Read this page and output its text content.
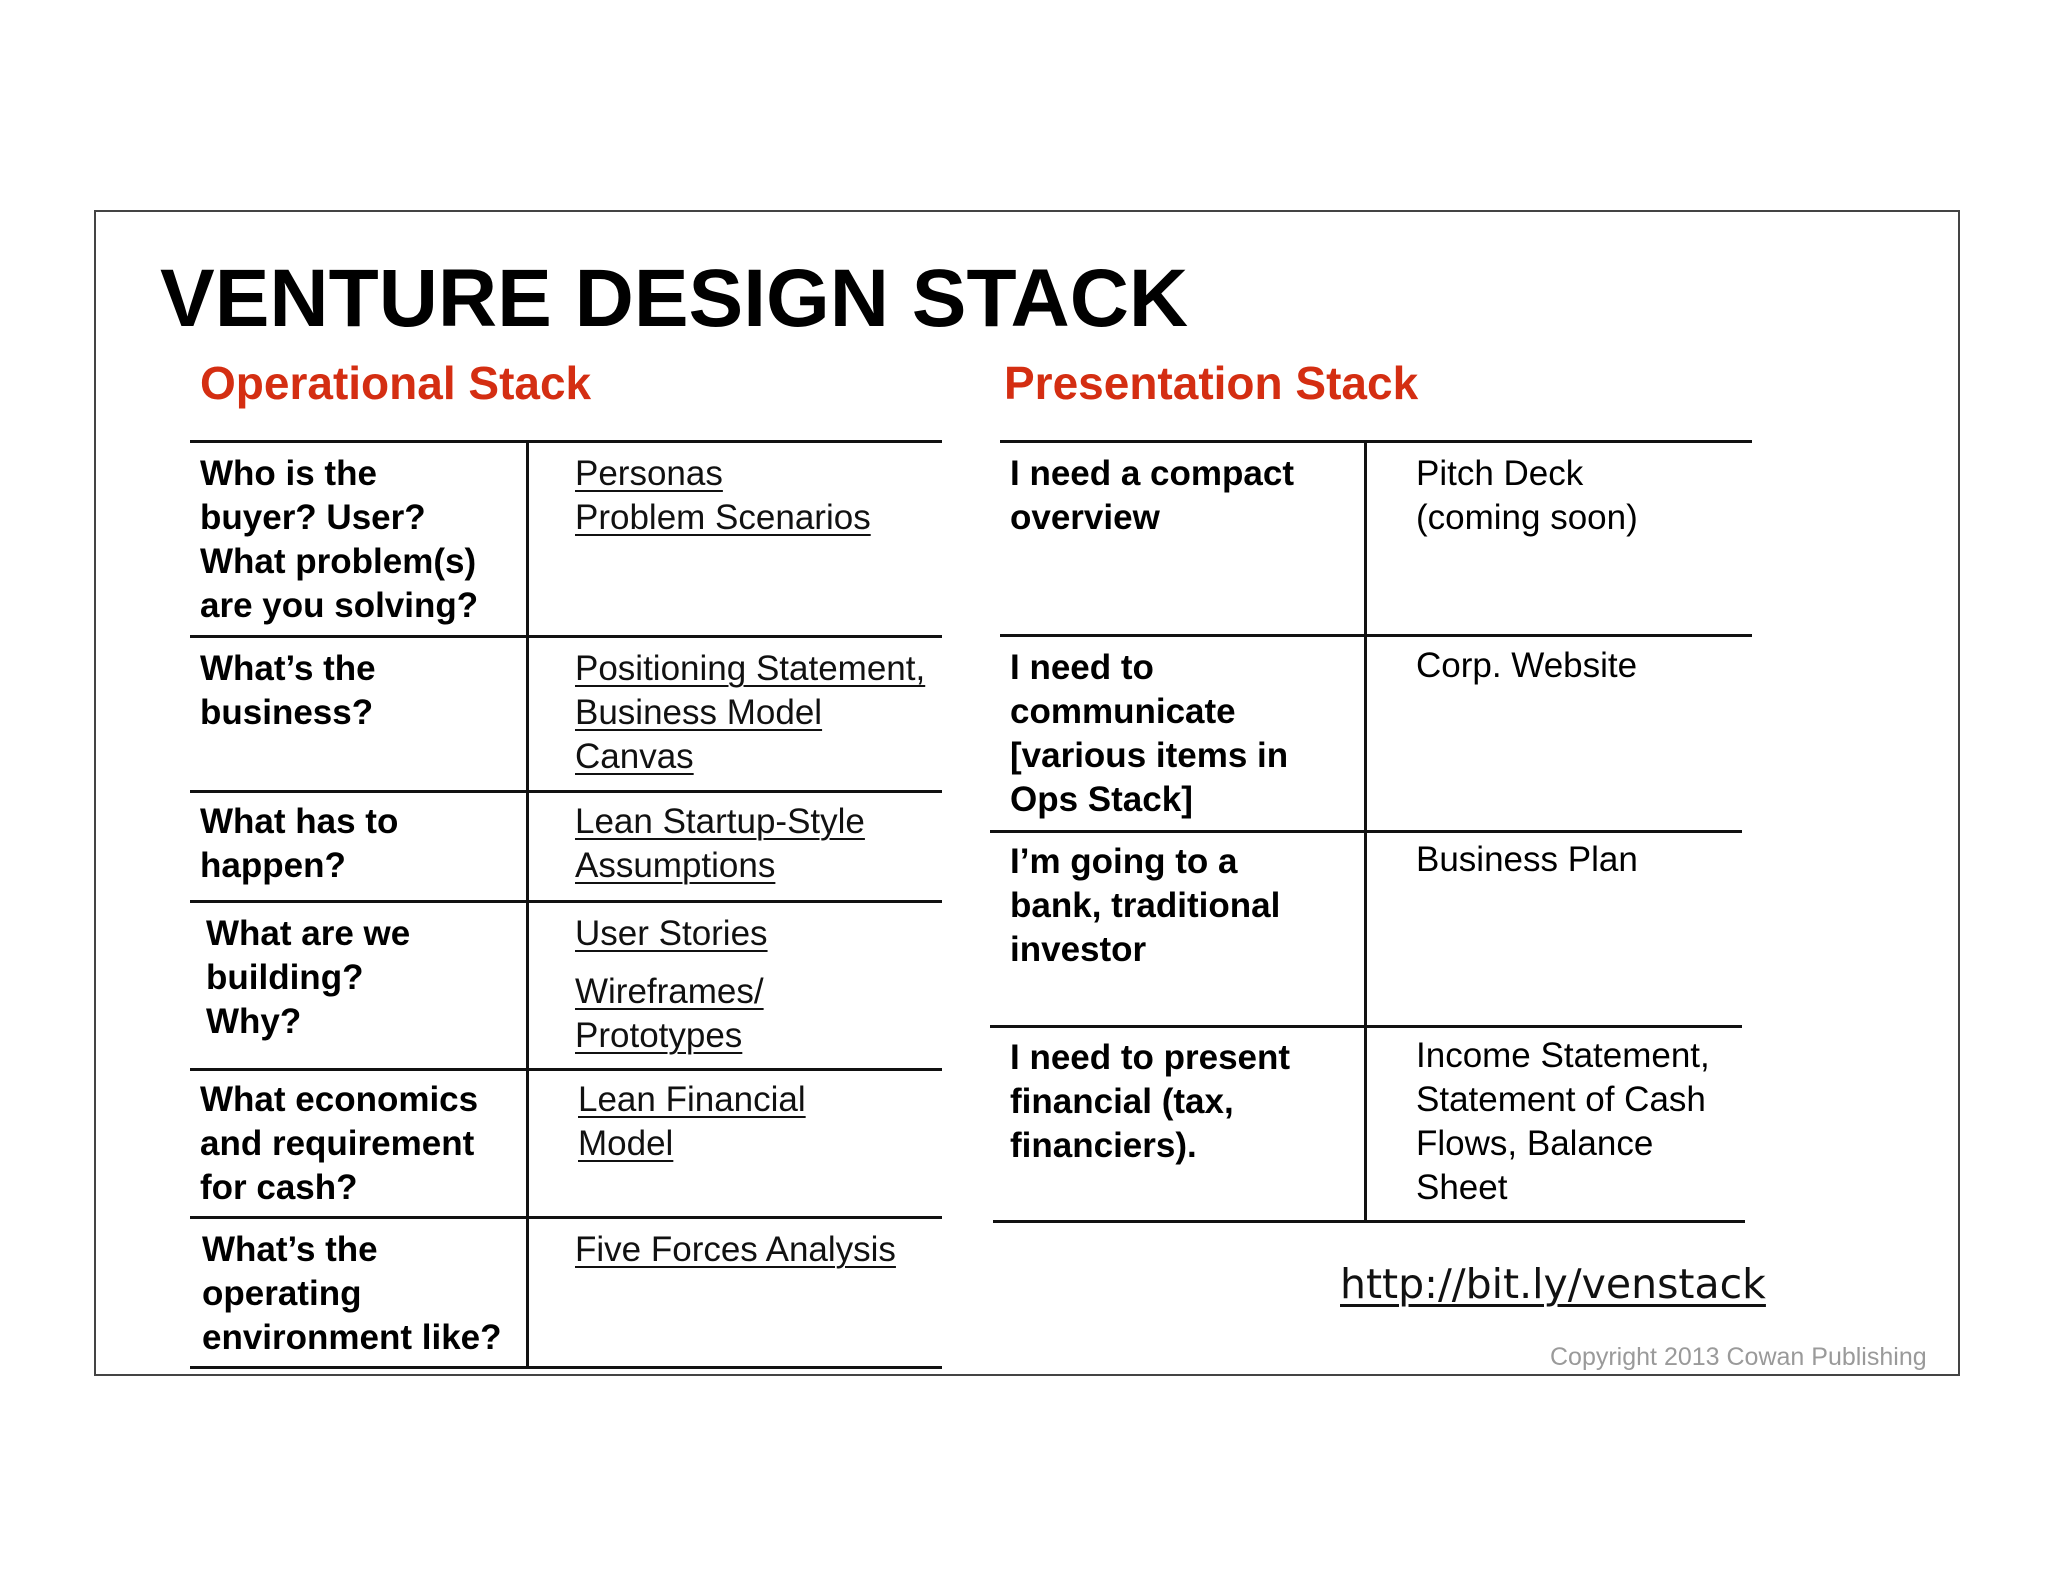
VENTURE DESIGN STACK
Operational Stack	Presentation Stack
Who is the
buyer? User?
What problem(s)
are you solving?
Personas
Problem Scenarios
What’s the
business?
Positioning Statement,
Business Model
Canvas
What has to
happen?
Lean Startup-Style
Assumptions
What are we
building?
Why?
User Stories
Wireframes/
Prototypes
What economics
and requirement
for cash?
Lean Financial
Model
What’s the
operating
environment like?
Five Forces Analysis
I need a compact
overview
Pitch Deck
(coming soon)
I need to
communicate
[various items in
Ops Stack]
Corp. Website
I’m going to a
bank, traditional
investor
Business Plan
I need to present
financial (tax,
financiers).
Income Statement,
Statement of Cash
Flows, Balance
Sheet
http://bit.ly/venstack
Copyright 2013 Cowan Publishing
